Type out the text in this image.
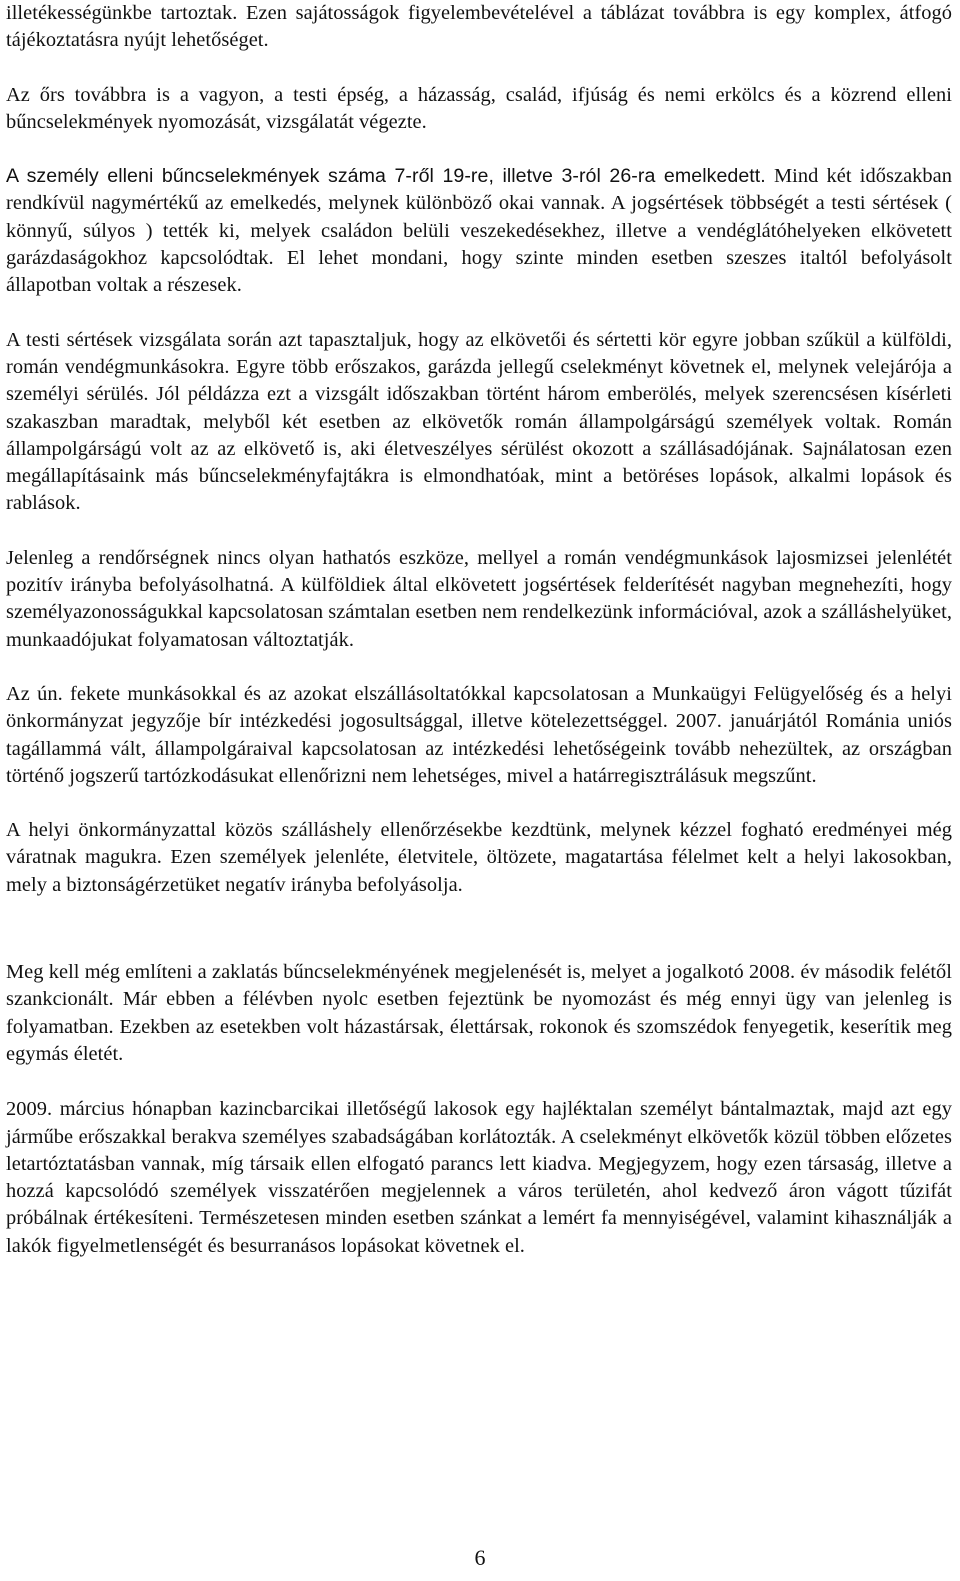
illetékességünkbe tartoztak. Ezen sajátosságok figyelembevételével a táblázat továbbra is egy komplex, átfogó tájékoztatásra nyújt lehetőséget.

Az őrs továbbra is a vagyon, a testi épség, a házasság, család, ifjúság és nemi erkölcs és a közrend elleni bűncselekmények nyomozását, vizsgálatát végezte.

A személy elleni bűncselekmények száma 7-ről 19-re, illetve 3-ról 26-ra emelkedett. Mind két időszakban rendkívül nagymértékű az emelkedés, melynek különböző okai vannak. A jogsértések többségét a testi sértések ( könnyű, súlyos ) tették ki, melyek családon belüli veszekedésekhez, illetve a vendéglátóhelyeken elkövetett garázdaságokhoz kapcsolódtak. El lehet mondani, hogy szinte minden esetben szeszes italtól befolyásolt állapotban voltak a részesek.

A testi sértések vizsgálata során azt tapasztaljuk, hogy az elkövetői és sértetti kör egyre jobban szűkül a külföldi, román vendégmunkásokra. Egyre több erőszakos, garázda jellegű cselekményt követnek el, melynek velejárója a személyi sérülés. Jól példázza ezt a vizsgált időszakban történt három emberölés, melyek szerencsésen kísérleti szakaszban maradtak, melyből két esetben az elkövetők román állampolgárságú személyek voltak. Román állampolgárságú volt az az elkövető is, aki életveszélyes sérülést okozott a szállásadójának. Sajnálatosan ezen megállapításaink más bűncselekményfajtákra is elmondhatóak, mint a betöréses lopások, alkalmi lopások és rablások.

Jelenleg a rendőrségnek nincs olyan hathatós eszköze, mellyel a román vendégmunkások lajosmizsei jelenlétét pozitív irányba befolyásolhatná. A külföldiek által elkövetett jogsértések felderítését nagyban megnehezíti, hogy személyazonosságukkal kapcsolatosan számtalan esetben nem rendelkezünk információval, azok a szálláshelyüket, munkaadójukat folyamatosan változtatják.

Az ún. fekete munkásokkal és az azokat elszállásoltatókkal kapcsolatosan a Munkaügyi Felügyelőség és a helyi önkormányzat jegyzője bír intézkedési jogosultsággal, illetve kötelezettséggel. 2007. januárjától Románia uniós tagállammá vált, állampolgáraival kapcsolatosan az intézkedési lehetőségeink tovább nehezültek, az országban történő jogszerű tartózkodásukat ellenőrizni nem lehetséges, mivel a határregisztrálásuk megszűnt.

A helyi önkormányzattal közös szálláshely ellenőrzésekbe kezdtünk, melynek kézzel fogható eredményei még váratnak magukra. Ezen személyek jelenléte, életvitele, öltözete, magatartása félelmet kelt a helyi lakosokban, mely a biztonságérzetüket negatív irányba befolyásolja.

Meg kell még említeni a zaklatás bűncselekményének megjelenését is, melyet a jogalkotó 2008. év második felétől szankcionált. Már ebben a félévben nyolc esetben fejeztünk be nyomozást és még ennyi ügy van jelenleg is folyamatban. Ezekben az esetekben volt házastársak, élettársak, rokonok és szomszédok fenyegetik, keserítik meg egymás életét.

2009. március hónapban kazincbarcikai illetőségű lakosok egy hajléktalan személyt bántalmaztak, majd azt egy járműbe erőszakkal berakva személyes szabadságában korlátozták. A cselekményt elkövetők közül többen előzetes letartóztatásban vannak, míg társaik ellen elfogató parancs lett kiadva. Megjegyzem, hogy ezen társaság, illetve a hozzá kapcsolódó személyek visszatérően megjelennek a város területén, ahol kedvező áron vágott tűzifát próbálnak értékesíteni. Természetesen minden esetben szánkat a lemért fa mennyiségével, valamint kihasználják a lakók figyelmetlenségét és besurranásos lopásokat követnek el.

6
